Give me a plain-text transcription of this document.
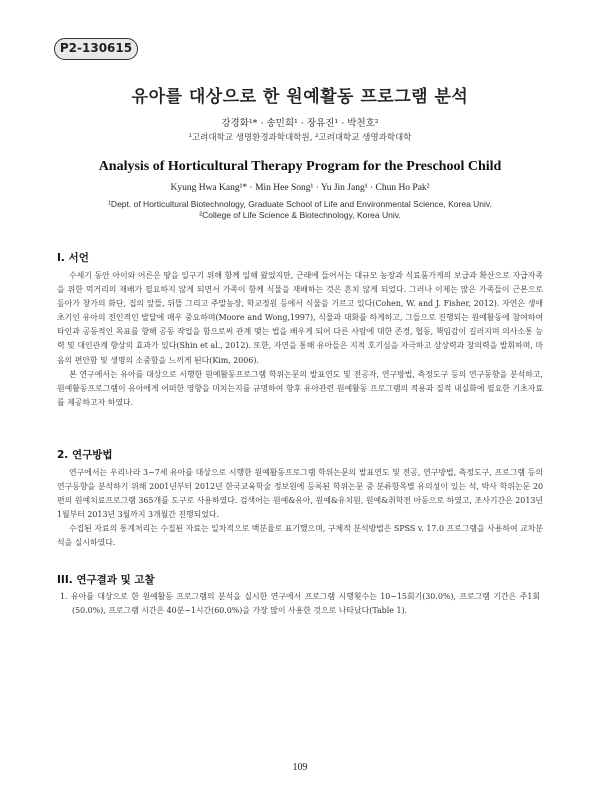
P2-130615
유아를 대상으로 한 원예활동 프로그램 분석
강경화¹* · 송민희¹ · 장유진¹ · 박천호²
¹고려대학교 생명환경과학대학원, ²고려대학교 생명과학대학
Analysis of Horticultural Therapy Program for the Preschool Child
Kyung Hwa Kang¹* · Min Hee Song¹ · Yu Jin Jang¹ · Chun Ho Pak²
¹Dept. of Horticultural Biotechnology, Graduate School of Life and Environmental Science, Korea Univ.
²College of Life Science & Biotechnology, Korea Univ.
I. 서언

수세기 동안 아이와 어른은 땅을 일구기 위해 함께 일해 왔었지만, 근래에 들어서는 대규모 농장과 식료품가게의 보급과 확산으로 자급자족을 위한 먹거리의 재배가 필요하지 않게 되면서 가족이 함께 식물을 재배하는 것은 흔치 않게 되었다. 그러나 이제는 많은 가족들이 근본으로 돌아가 창가의 화단, 집의 앞뜰, 뒤뜰 그리고 주말농장, 학교정원 등에서 식물을 기르고 있다(Cohen, W. and J. Fisher, 2012). 자연은 생애 초기인 유아의 전인적인 발달에 매우 중요하며(Moore and Wong,1997), 식물과 대화를 하게하고, 그들으로 진행되는 원예활동에 참여하여 타인과 공동적인 목표를 향해 공동 작업을 함으로써 관계 맺는 법을 배우게 되어 다른 사람에 대한 존경, 협동, 책임감이 길러지며 의사소통 능력 및 대인관계 향상의 효과가 있다(Shin et al., 2012). 또한, 자연을 통해 유아들은 지적 호기심을 자극하고 상상력과 창의력을 발휘하며, 마음의 편안함 및 생명의 소중함을 느끼게 된다(Kim, 2006).

본 연구에서는 유아를 대상으로 시행한 원예활동프로그램 학위논문의 발표연도 및 전공자, 연구방법, 측정도구 등의 연구동향을 분석하고, 원예활동프로그램이 유아에게 어떠한 영향을 미치는지를 규명하여 향후 유아관련 원예활동 프로그램의 적용과 질적 내실화에 필요한 기초자료를 제공하고자 하였다.

2. 연구방법

연구에서는 우리나라 3~7세 유아를 대상으로 시행한 원예활동프로그램 학위논문의 발표연도 및 전공, 연구방법, 측정도구, 프로그램 등의 연구동향을 분석하기 위해 2001년부터 2012년 한국교육학술 정보원에 등록된 학위논문 중 분류항목별 유의성이 있는 석, 박사 학위논문 20편의 원예치료프로그램 365개를 도구로 사용하였다. 검색어는 원예&유아, 원예&유치원, 원예&취학전 아동으로 하였고, 조사기간은 2013년 1월부터 2013년 3월까지 3개월간 진행되었다.

수집된 자료의 통계처리는 수집된 자료는 일차적으로 백분율로 표기했으며, 구체적 분석방법은 SPSS v. 17.0 프로그램을 사용하여 교차분석을 실시하였다.

III. 연구결과 및 고찰

1. 유아를 대상으로 한 원예활동 프로그램의 분석을 실시한 연구에서 프로그램 시행횟수는 10~15회기(30.0%), 프로그램 기간은 주1회(50.0%), 프로그램 시간은 40분~1시간(60.0%)을 가장 많이 사용한 것으로 나타났다(Table 1).

109
